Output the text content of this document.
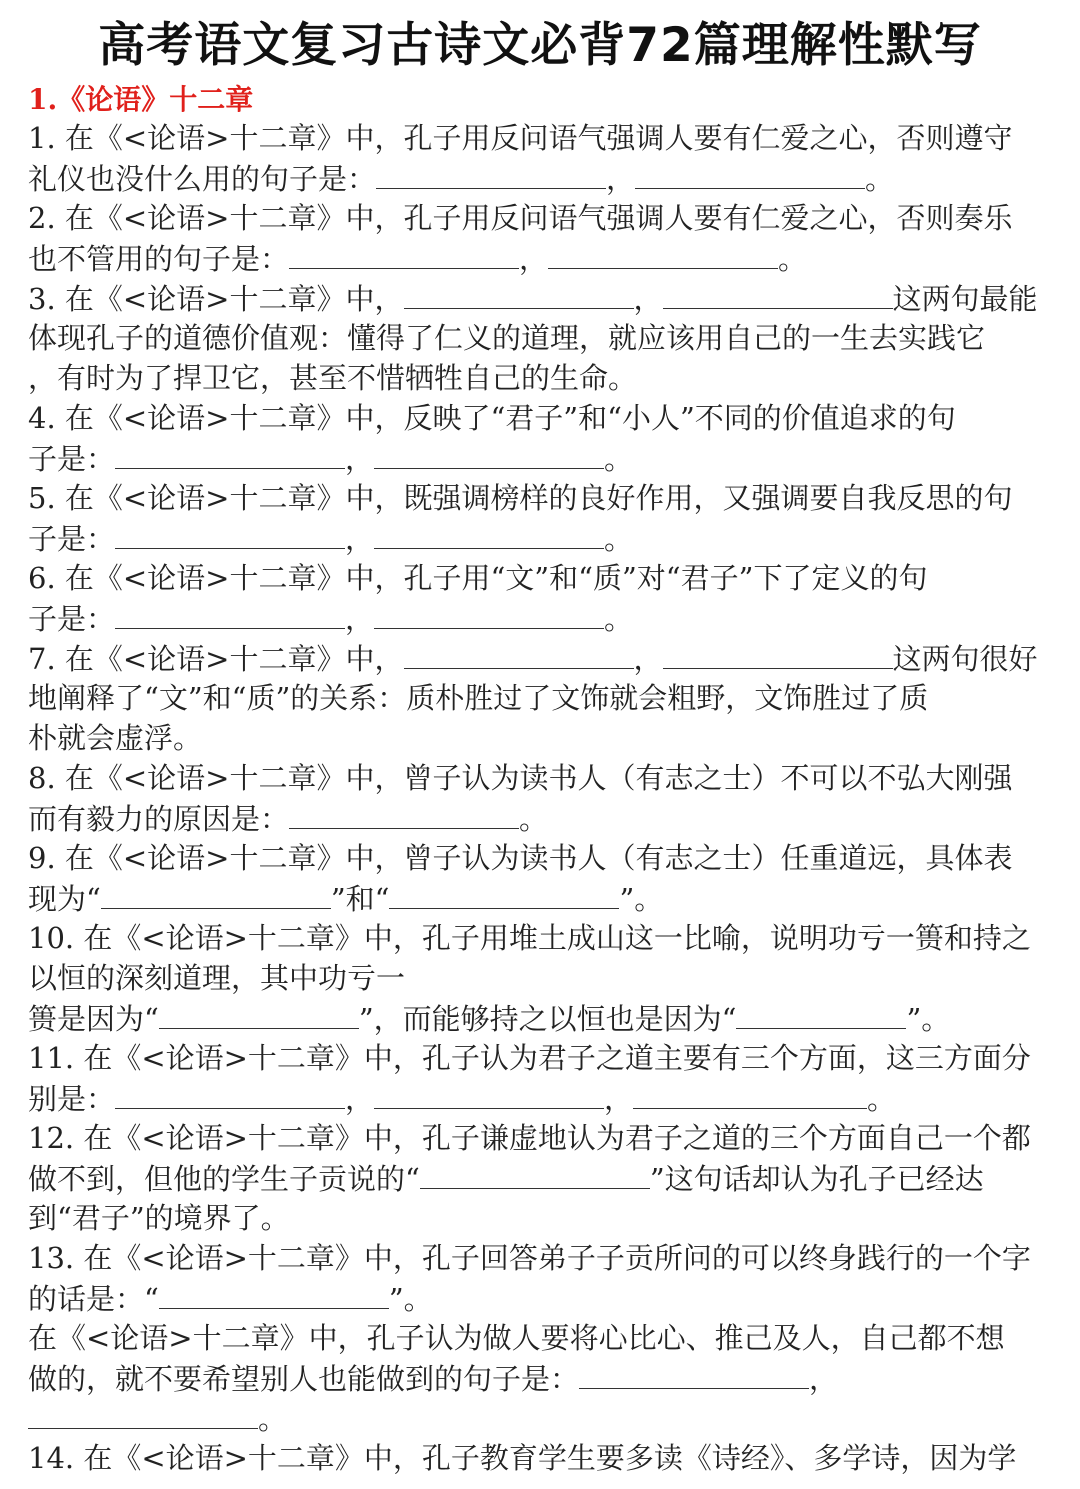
高考语文复习古诗文必背72篇理解性默写
1.《论语》十二章
1. 在《<论语>十二章》中，孔子用反问语气强调人要有仁爱之心，否则遵守
礼仪也没什么用的句子是：	，	。
2. 在《<论语>十二章》中，孔子用反问语气强调人要有仁爱之心，否则奏乐
也不管用的句子是：	，	。
3. 在《<论语>十二章》中，	，	这两句最能
体现孔子的道德价值观：懂得了仁义的道理，就应该用自己的一生去实践它
，有时为了捍卫它，甚至不惜牺牲自己的生命。
4. 在《<论语>十二章》中，反映了“君子”和“小人”不同的价值追求的句
子是：	，	。
5. 在《<论语>十二章》中，既强调榜样的良好作用，又强调要自我反思的句
子是：	，	。
6. 在《<论语>十二章》中，孔子用“文”和“质”对“君子”下了定义的句
子是：	，	。
7. 在《<论语>十二章》中，	，	这两句很好
地阐释了“文”和“质”的关系：质朴胜过了文饰就会粗野，文饰胜过了质
朴就会虚浮。
8. 在《<论语>十二章》中，曾子认为读书人（有志之士）不可以不弘大刚强
而有毅力的原因是：	。
9. 在《<论语>十二章》中，曾子认为读书人（有志之士）任重道远，具体表
现为“	”和“	”。
10. 在《<论语>十二章》中，孔子用堆土成山这一比喻，说明功亏一篑和持之
以恒的深刻道理，其中功亏一
篑是因为“	”，而能够持之以恒也是因为“	”。
11. 在《<论语>十二章》中，孔子认为君子之道主要有三个方面，这三方面分
别是：	，	，	。
12. 在《<论语>十二章》中，孔子谦虚地认为君子之道的三个方面自己一个都
做不到，但他的学生子贡说的“	”这句话却认为孔子已经达
到“君子”的境界了。
13. 在《<论语>十二章》中，孔子回答弟子子贡所问的可以终身践行的一个字
的话是：“	”。
在《<论语>十二章》中，孔子认为做人要将心比心、推己及人，自己都不想
做的，就不要希望别人也能做到的句子是：	，
。
14. 在《<论语>十二章》中，孔子教育学生要多读《诗经》、多学诗，因为学
